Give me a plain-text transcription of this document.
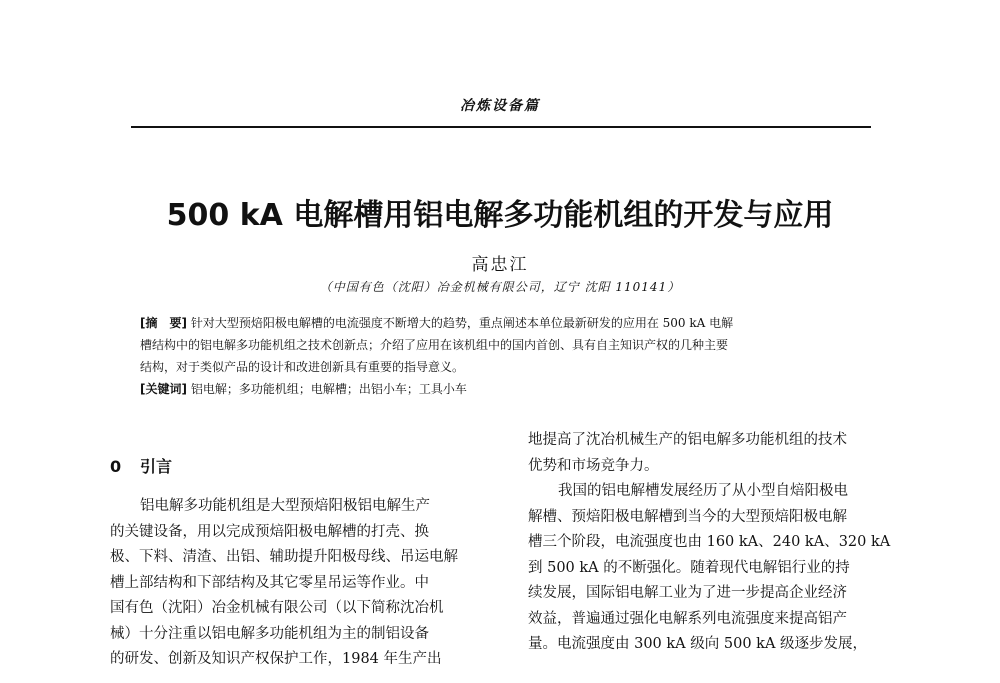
冶炼设备篇
500 kA 电解槽用铝电解多功能机组的开发与应用
高忠江
（中国有色（沈阳）冶金机械有限公司，辽宁 沈阳 110141）
[摘　要] 针对大型预焙阳极电解槽的电流强度不断增大的趋势，重点阐述本单位最新研发的应用在 500 kA 电解
槽结构中的铝电解多功能机组之技术创新点；介绍了应用在该机组中的国内首创、具有自主知识产权的几种主要
结构，对于类似产品的设计和改进创新具有重要的指导意义。
[关键词] 铝电解；多功能机组；电解槽；出铝小车；工具小车
0 引言
铝电解多功能机组是大型预焙阳极铝电解生产
的关键设备，用以完成预焙阳极电解槽的打壳、换
极、下料、清渣、出铝、辅助提升阳极母线、吊运电解
槽上部结构和下部结构及其它零星吊运等作业。中
国有色（沈阳）冶金机械有限公司（以下简称沈冶机
械）十分注重以铝电解多功能机组为主的制铝设备
的研发、创新及知识产权保护工作，1984 年生产出
地提高了沈冶机械生产的铝电解多功能机组的技术
优势和市场竞争力。
我国的铝电解槽发展经历了从小型自焙阳极电
解槽、预焙阳极电解槽到当今的大型预焙阳极电解
槽三个阶段，电流强度也由 160 kA、240 kA、320 kA
到 500 kA 的不断强化。随着现代电解铝行业的持
续发展，国际铝电解工业为了进一步提高企业经济
效益，普遍通过强化电解系列电流强度来提高铝产
量。电流强度由 300 kA 级向 500 kA 级逐步发展，
